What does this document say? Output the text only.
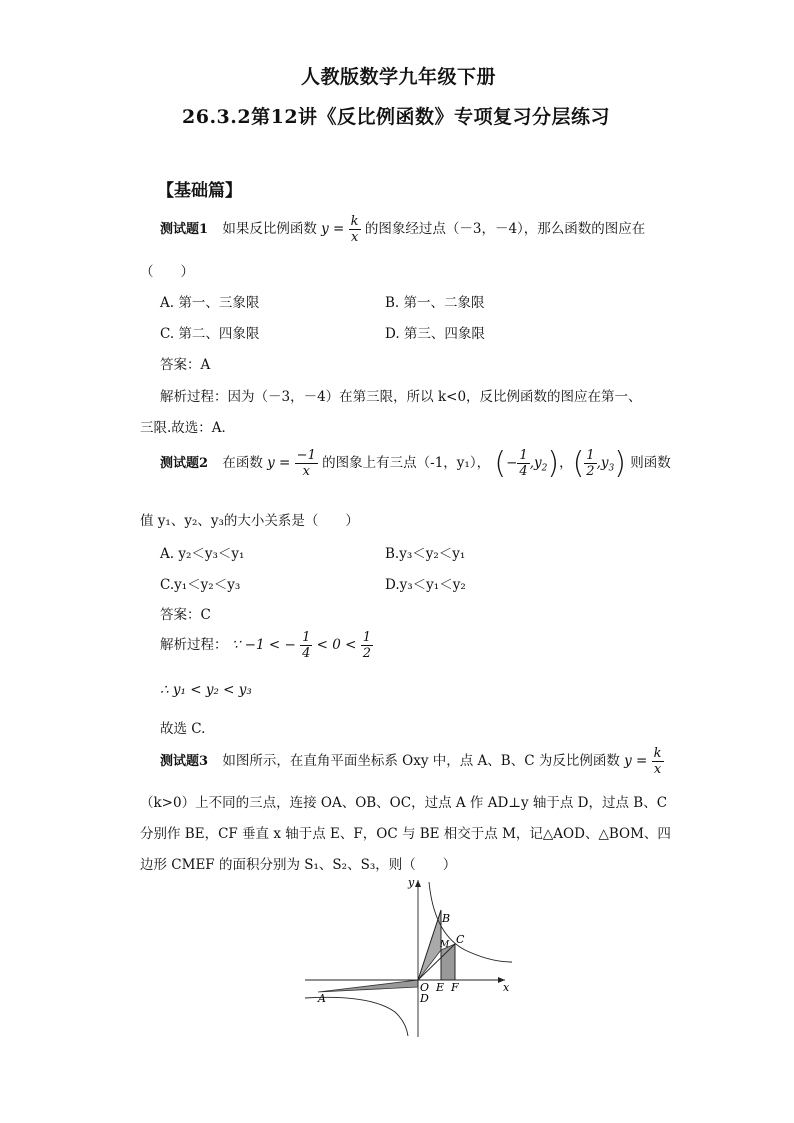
人教版数学九年级下册
26.3.2第12讲《反比例函数》专项复习分层练习
【基础篇】
测试题1 如果反比例函数 $y = \frac{k}{x}$ 的图象经过点（－3，－4），那么函数的图应在
（　　）
A. 第一、三象限	B. 第一、二象限
C. 第二、四象限	D. 第三、四象限
答案：A
解析过程：因为（－3，－4）在第三限，所以 k<0，反比例函数的图应在第一、
三限.故选：A．
测试题2 在函数 $y = \frac{-1}{x}$ 的图象上有三点（-1，y₁）， (− $\frac{1}{4} ,y_2$)，( $\frac{1}{2} ,y_3$) 则函数
值 y₁、y₂、y₃的大小关系是（　　）
A. y₂＜y₃＜y₁	B.y₃＜y₂＜y₁
C.y₁＜y₂＜y₃	D.y₃＜y₁＜y₂
答案：C
解析过程： ∵ −1 < − $\frac{1}{4} < 0 < \frac{1}{2}$
∴ y₁ < y₂ < y₃
故选 C.
测试题3 如图所示，在直角平面坐标系 Oxy 中，点 A、B、C 为反比例函数 $y = \frac{k}{x}$
（k>0）上不同的三点，连接 OA、OB、OC，过点 A 作 AD⊥y 轴于点 D，过点 B、C
分别作 BE，CF 垂直 x 轴于点 E、F，OC 与 BE 相交于点 M，记△AOD、△BOM、四
边形 CMEF 的面积分别为 S₁、S₂、S₃，则（　　）
y
x
O
D
E F
A
B
C
M
